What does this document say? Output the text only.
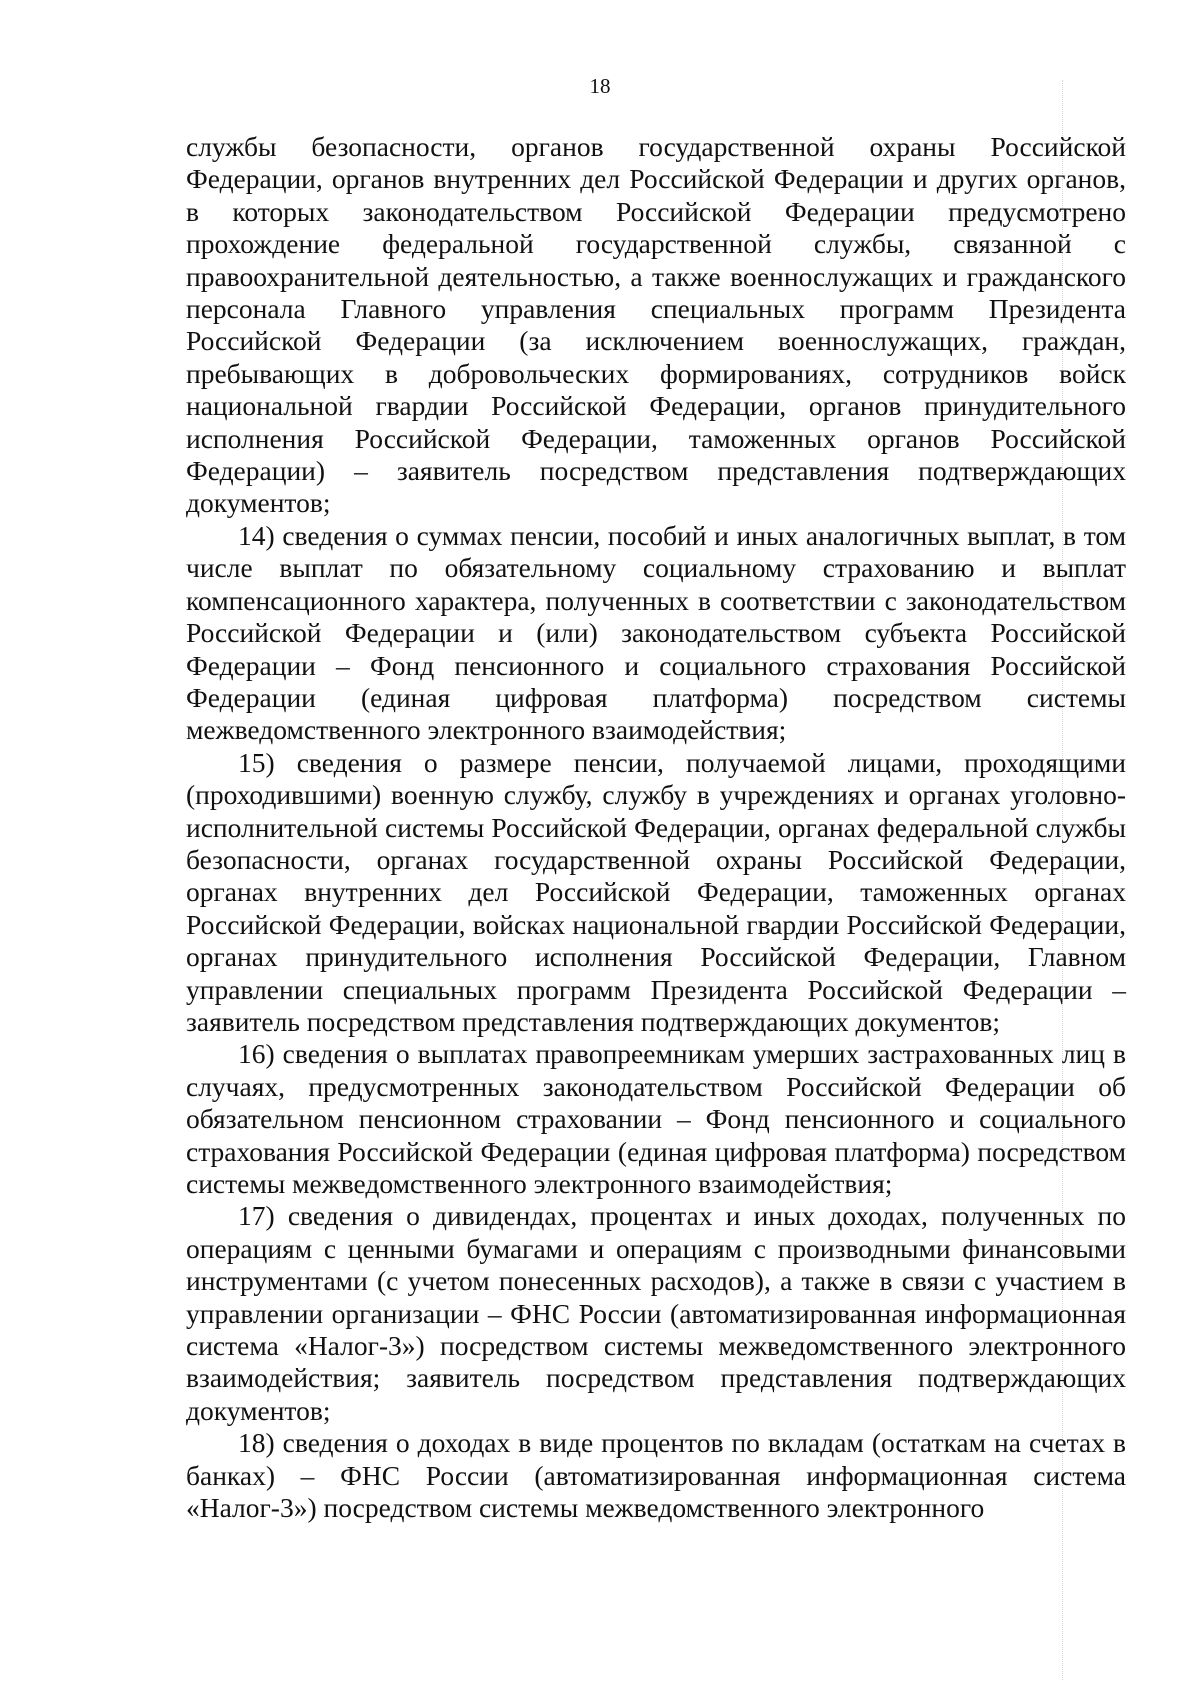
18

службы безопасности, органов государственной охраны Российской Федерации, органов внутренних дел Российской Федерации и других органов, в которых законодательством Российской Федерации предусмотрено прохождение федеральной государственной службы, связанной с правоохранительной деятельностью, а также военнослужащих и гражданского персонала Главного управления специальных программ Президента Российской Федерации (за исключением военнослужащих, граждан, пребывающих в добровольческих формированиях, сотрудников войск национальной гвардии Российской Федерации, органов принудительного исполнения Российской Федерации, таможенных органов Российской Федерации) – заявитель посредством представления подтверждающих документов;

14) сведения о суммах пенсии, пособий и иных аналогичных выплат, в том числе выплат по обязательному социальному страхованию и выплат компенсационного характера, полученных в соответствии с законодательством Российской Федерации и (или) законодательством субъекта Российской Федерации – Фонд пенсионного и социального страхования Российской Федерации (единая цифровая платформа) посредством системы межведомственного электронного взаимодействия;

15) сведения о размере пенсии, получаемой лицами, проходящими (проходившими) военную службу, службу в учреждениях и органах уголовно-исполнительной системы Российской Федерации, органах федеральной службы безопасности, органах государственной охраны Российской Федерации, органах внутренних дел Российской Федерации, таможенных органах Российской Федерации, войсках национальной гвардии Российской Федерации, органах принудительного исполнения Российской Федерации, Главном управлении специальных программ Президента Российской Федерации – заявитель посредством представления подтверждающих документов;

16) сведения о выплатах правопреемникам умерших застрахованных лиц в случаях, предусмотренных законодательством Российской Федерации об обязательном пенсионном страховании – Фонд пенсионного и социального страхования Российской Федерации (единая цифровая платформа) посредством системы межведомственного электронного взаимодействия;

17) сведения о дивидендах, процентах и иных доходах, полученных по операциям с ценными бумагами и операциям с производными финансовыми инструментами (с учетом понесенных расходов), а также в связи с участием в управлении организации – ФНС России (автоматизированная информационная система «Налог-3») посредством системы межведомственного электронного взаимодействия; заявитель посредством представления подтверждающих документов;

18) сведения о доходах в виде процентов по вкладам (остаткам на счетах в банках) – ФНС России (автоматизированная информационная система «Налог-3») посредством системы межведомственного электронного
